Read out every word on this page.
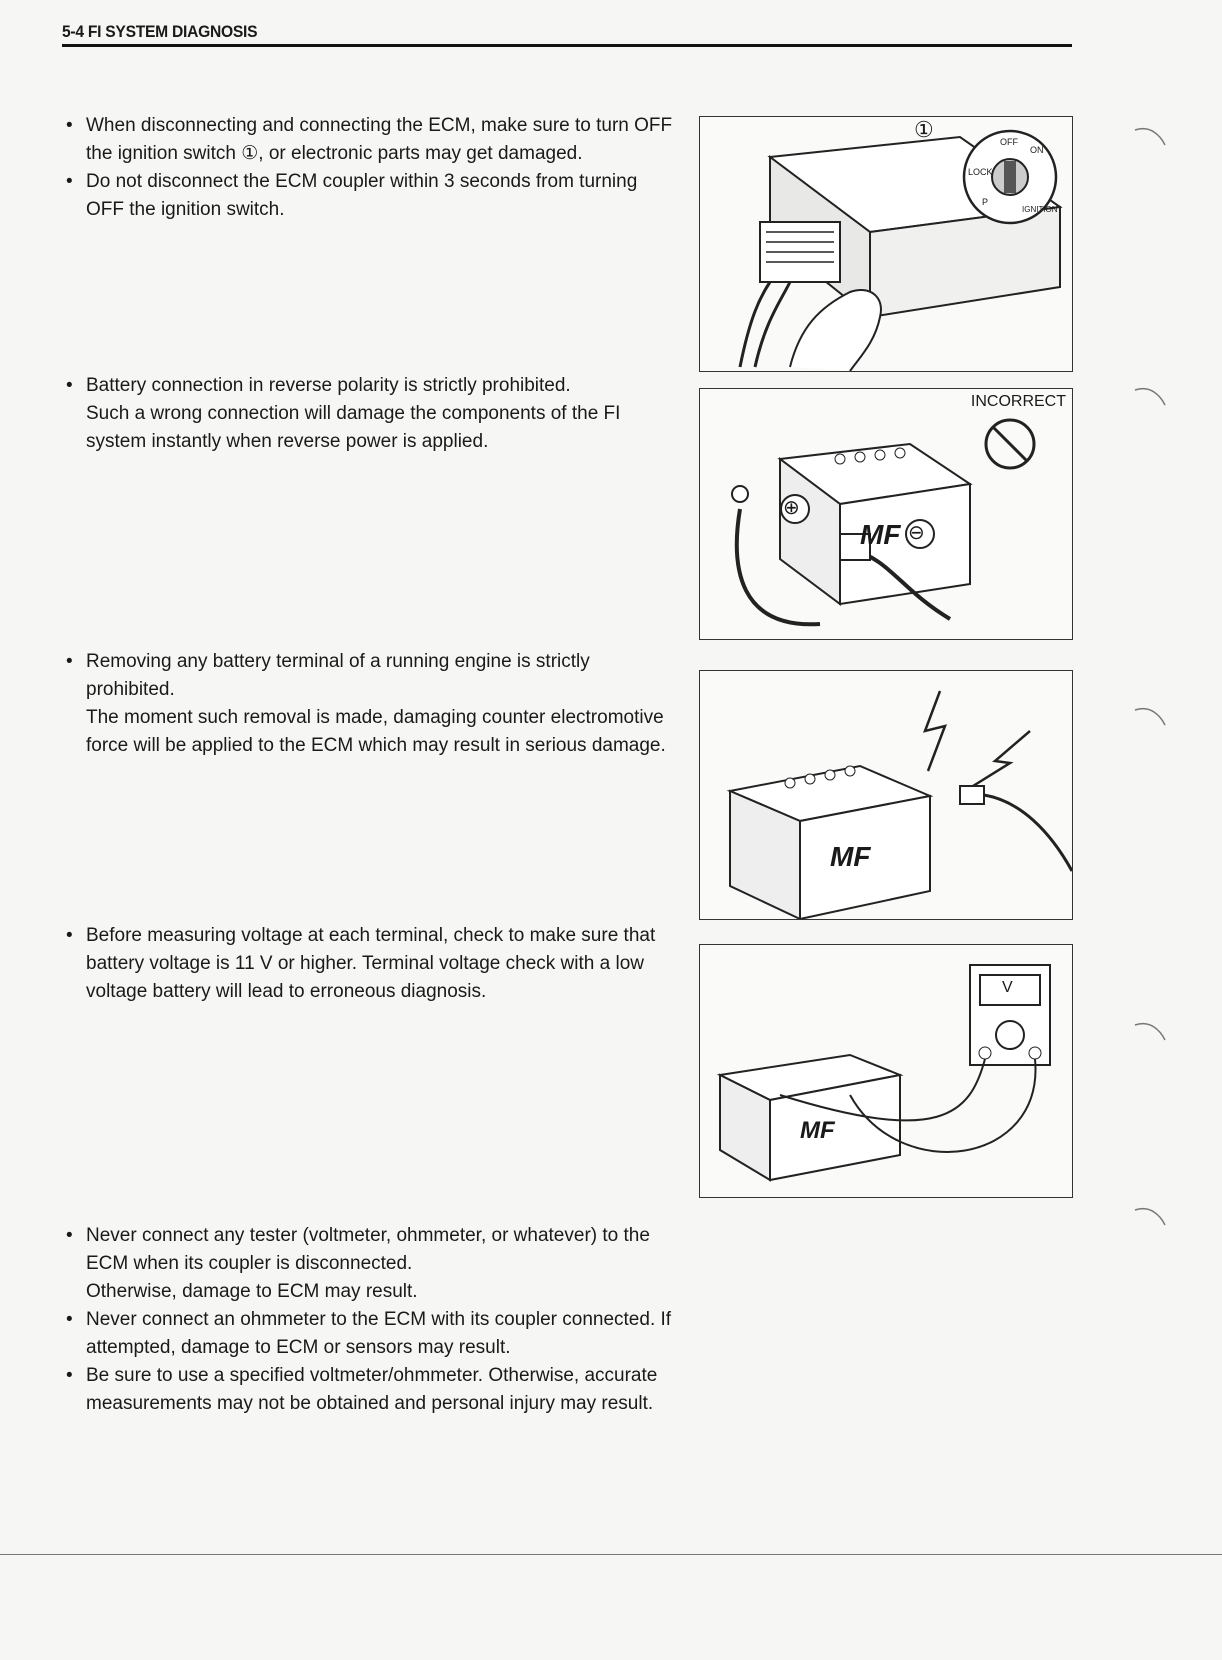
5-4 FI SYSTEM DIAGNOSIS
• When disconnecting and connecting the ECM, make sure to turn OFF the ignition switch ①, or electronic parts may get damaged.

• Do not disconnect the ECM coupler within 3 seconds from turning OFF the ignition switch.

• Battery connection in reverse polarity is strictly prohibited.
Such a wrong connection will damage the components of the FI system instantly when reverse power is applied.

• Removing any battery terminal of a running engine is strictly prohibited.
The moment such removal is made, damaging counter electromotive force will be applied to the ECM which may result in serious damage.

• Before measuring voltage at each terminal, check to make sure that battery voltage is 11 V or higher. Terminal voltage check with a low voltage battery will lead to erroneous diagnosis.

• Never connect any tester (voltmeter, ohmmeter, or whatever) to the ECM when its coupler is disconnected.
Otherwise, damage to ECM may result.

• Never connect an ohmmeter to the ECM with its coupler connected. If attempted, damage to ECM or sensors may result.

• Be sure to use a specified voltmeter/ohmmeter. Otherwise, accurate measurements may not be obtained and personal injury may result.

①	OFF
ON
LOCK
P
IGNITION
INCORRECT
MF
⊕
⊖
MF
V
MF
